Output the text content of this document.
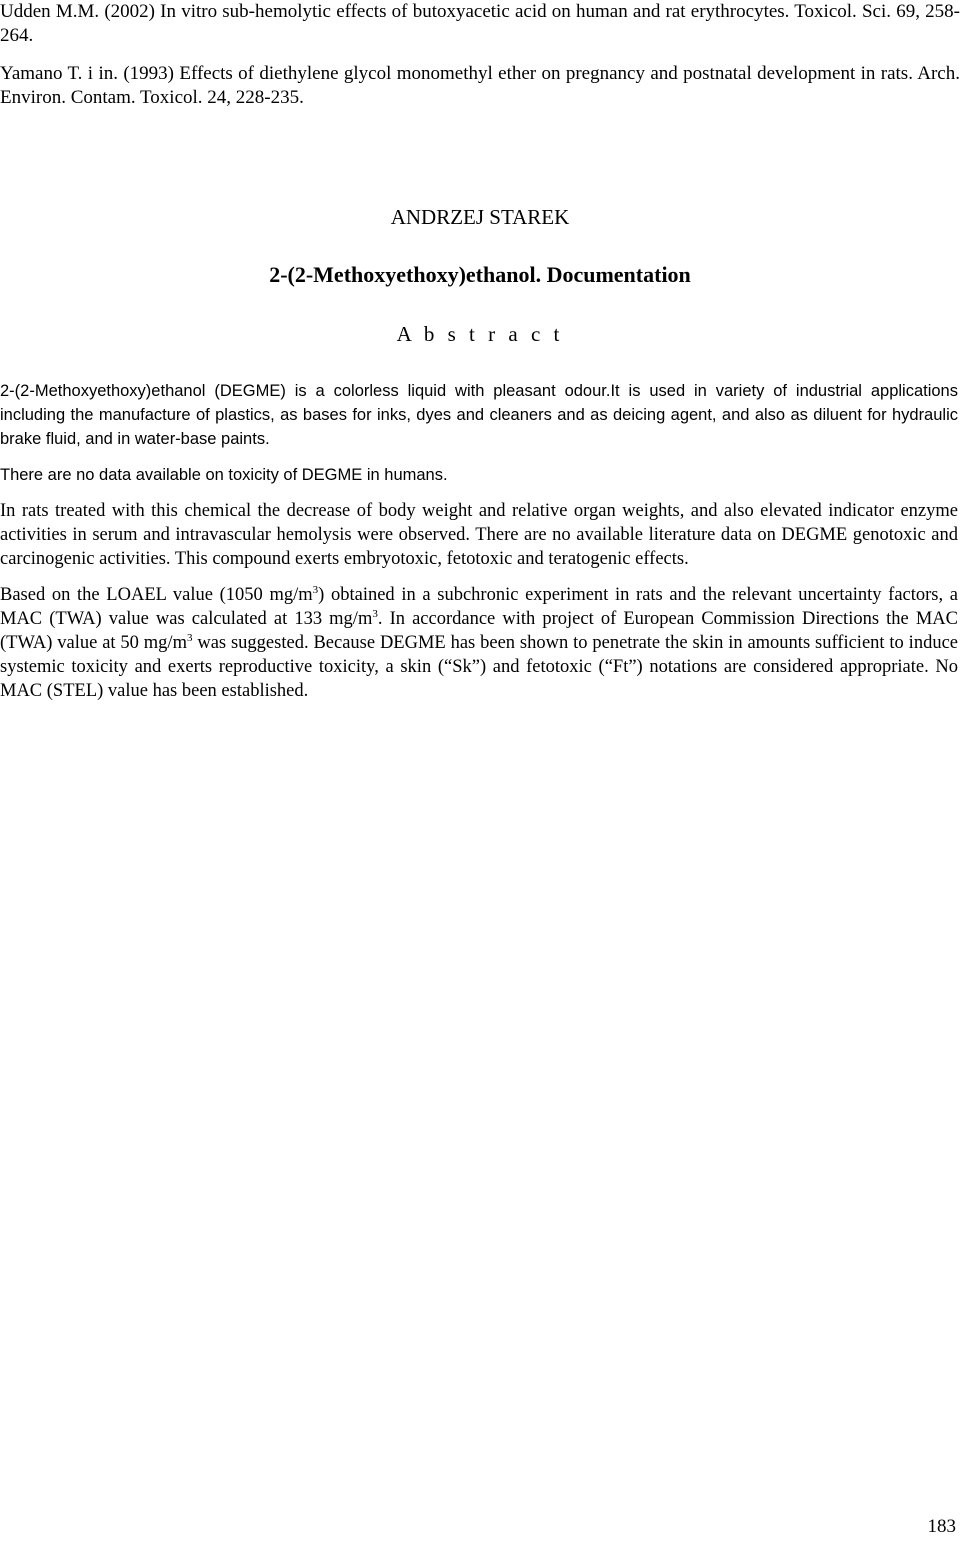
Udden M.M. (2002) In vitro sub-hemolytic effects of butoxyacetic acid on human and rat erythrocytes. Toxicol. Sci. 69, 258-264.

Yamano T. i in. (1993) Effects of diethylene glycol monomethyl ether on pregnancy and postnatal development in rats. Arch. Environ. Contam. Toxicol. 24, 228-235.

ANDRZEJ STAREK
2-(2-Methoxyethoxy)ethanol. Documentation
A b s t r a c t

2-(2-Methoxyethoxy)ethanol (DEGME) is a colorless liquid with pleasant odour.It is used in variety of industrial applications including the manufacture of plastics, as bases for inks, dyes and cleaners and as deicing agent, and also as diluent for hydraulic brake fluid, and in water-base paints.

There are no data available on toxicity of DEGME in humans.

In rats treated with this chemical the decrease of body weight and relative organ weights, and also elevated indicator enzyme activities in serum and intravascular hemolysis were observed. There are no available literature data on DEGME genotoxic and carcinogenic activities. This compound exerts embryotoxic, fetotoxic and teratogenic effects.

Based on the LOAEL value (1050 $mg/m^3$) obtained in a subchronic experiment in rats and the relevant uncertainty factors, a MAC (TWA) value was calculated at 133 $mg/m^3$. In accordance with project of European Commission Directions the MAC (TWA) value at 50 $mg/m^3$ was suggested. Because DEGME has been shown to penetrate the skin in amounts sufficient to induce systemic toxicity and exerts reproductive toxicity, a skin (“Sk”) and fetotoxic (“Ft”) notations are considered appropriate. No MAC (STEL) value has been established.

183
